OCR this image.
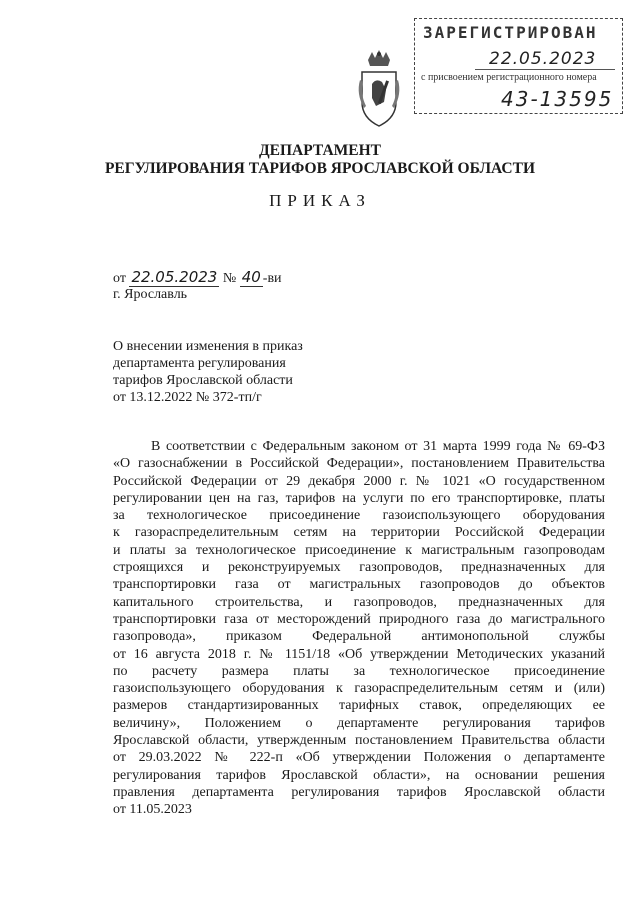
ЗАРЕГИСТРИРОВАН
22.05.2023
с присвоением регистрационного номера
43-13595
ДЕПАРТАМЕНТ
РЕГУЛИРОВАНИЯ ТАРИФОВ ЯРОСЛАВСКОЙ ОБЛАСТИ
ПРИКАЗ
от 22.05.2023 № 40 -ви
г. Ярославль
О внесении изменения в приказ
департамента регулирования
тарифов Ярославской области
от 13.12.2022 № 372-тп/г
В соответствии с Федеральным законом от 31 марта 1999 года № 69-ФЗ
«О газоснабжении в Российской Федерации», постановлением Правительства
Российской Федерации от 29 декабря 2000 г. № 1021 «О государственном
регулировании цен на газ, тарифов на услуги по его транспортировке, платы
за технологическое присоединение газоиспользующего оборудования
к газораспределительным сетям на территории Российской Федерации
и платы за технологическое присоединение к магистральным газопроводам
строящихся и реконструируемых газопроводов, предназначенных для
транспортировки газа от магистральных газопроводов до объектов
капитального строительства, и газопроводов, предназначенных для
транспортировки газа от месторождений природного газа до магистрального
газопровода», приказом Федеральной антимонопольной службы
от 16 августа 2018 г. № 1151/18 «Об утверждении Методических указаний
по расчету размера платы за технологическое присоединение
газоиспользующего оборудования к газораспределительным сетям и (или)
размеров стандартизированных тарифных ставок, определяющих ее
величину», Положением о департаменте регулирования тарифов
Ярославской области, утвержденным постановлением Правительства области
от 29.03.2022 № 222-п «Об утверждении Положения о департаменте
регулирования тарифов Ярославской области», на основании решения
правления департамента регулирования тарифов Ярославской области
от 11.05.2023
